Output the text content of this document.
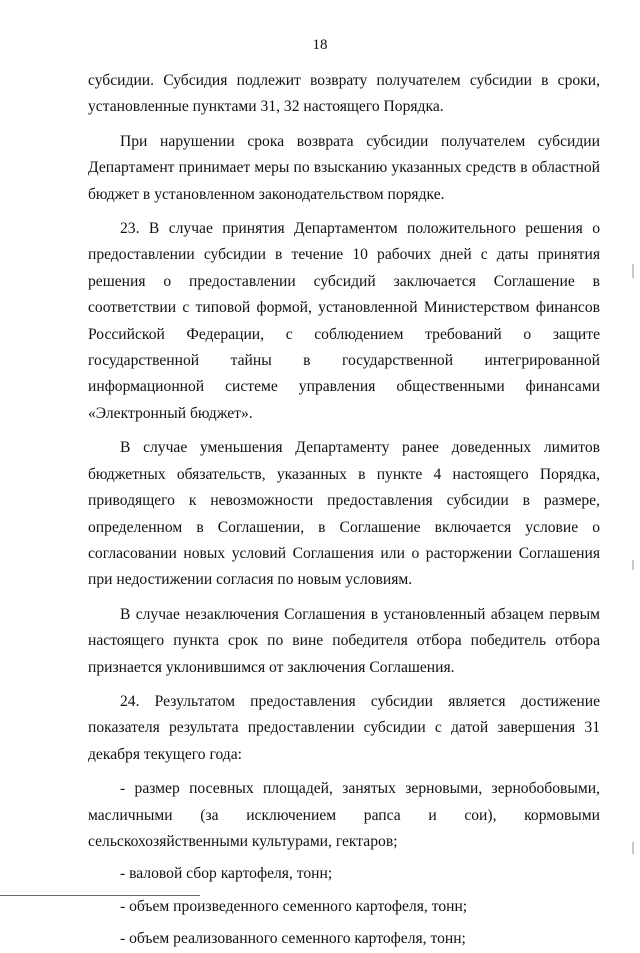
18

субсидии. Субсидия подлежит возврату получателем субсидии в сроки, установленные пунктами 31, 32 настоящего Порядка.

При нарушении срока возврата субсидии получателем субсидии Департамент принимает меры по взысканию указанных средств в областной бюджет в установленном законодательством порядке.

23. В случае принятия Департаментом положительного решения о предоставлении субсидии в течение 10 рабочих дней с даты принятия решения о предоставлении субсидий заключается Соглашение в соответствии с типовой формой, установленной Министерством финансов Российской Федерации, с соблюдением требований о защите государственной тайны в государственной интегрированной информационной системе управления общественными финансами «Электронный бюджет».

В случае уменьшения Департаменту ранее доведенных лимитов бюджетных обязательств, указанных в пункте 4 настоящего Порядка, приводящего к невозможности предоставления субсидии в размере, определенном в Соглашении, в Соглашение включается условие о согласовании новых условий Соглашения или о расторжении Соглашения при недостижении согласия по новым условиям.

В случае незаключения Соглашения в установленный абзацем первым настоящего пункта срок по вине победителя отбора победитель отбора признается уклонившимся от заключения Соглашения.

24. Результатом предоставления субсидии является достижение показателя результата предоставлении субсидии с датой завершения 31 декабря текущего года:

- размер посевных площадей, занятых зерновыми, зернобобовыми, масличными (за исключением рапса и сои), кормовыми сельскохозяйственными культурами, гектаров;

- валовой сбор картофеля, тонн;

- объем произведенного семенного картофеля, тонн;

- объем реализованного семенного картофеля, тонн;
